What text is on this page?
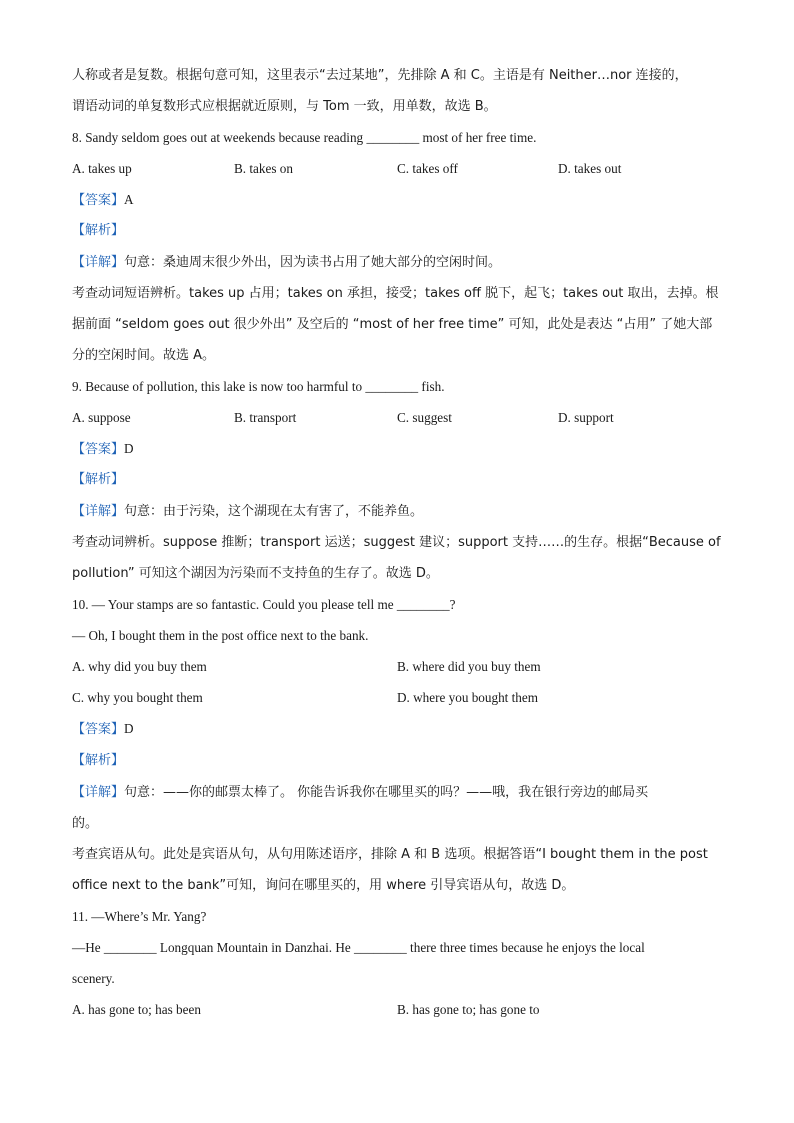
人称或者是复数。根据句意可知，这里表示“去过某地”，先排除 A 和 C。主语是有 Neither…nor 连接的，
谓语动词的单复数形式应根据就近原则，与 Tom 一致，用单数，故选 B。
8. Sandy seldom goes out at weekends because reading ________ most of her free time.
A. takes up	B. takes on	C. takes off	D. takes out
【答案】A
【解析】
【详解】句意：桑迪周末很少外出，因为读书占用了她大部分的空闲时间。
考查动词短语辨析。takes up 占用；takes on 承担，接受；takes off 脱下，起飞；takes out 取出，去掉。根
据前面 “seldom goes out 很少外出” 及空后的 “most of her free time” 可知，此处是表达 “占用” 了她大部
分的空闲时间。故选 A。
9. Because of pollution, this lake is now too harmful to ________ fish.
A. suppose	B. transport	C. suggest	D. support
【答案】D
【解析】
【详解】句意：由于污染，这个湖现在太有害了，不能养鱼。
考查动词辨析。suppose 推断；transport 运送；suggest 建议；support 支持……的生存。根据“Because of
pollution” 可知这个湖因为污染而不支持鱼的生存了。故选 D。
10. — Your stamps are so fantastic. Could you please tell me ________?
— Oh, I bought them in the post office next to the bank.
A. why did you buy them	B. where did you buy them
C. why you bought them	D. where you bought them
【答案】D
【解析】
【详解】句意：——你的邮票太棒了。 你能告诉我你在哪里买的吗？——哦，我在银行旁边的邮局买
的。
考查宾语从句。此处是宾语从句，从句用陈述语序，排除 A 和 B 选项。根据答语“I bought them in the post
office next to the bank”可知，询问在哪里买的，用 where 引导宾语从句，故选 D。
11. —Where’s Mr. Yang?
—He ________ Longquan Mountain in Danzhai. He ________ there three times because he enjoys the local
scenery.
A. has gone to; has been	B. has gone to; has gone to
